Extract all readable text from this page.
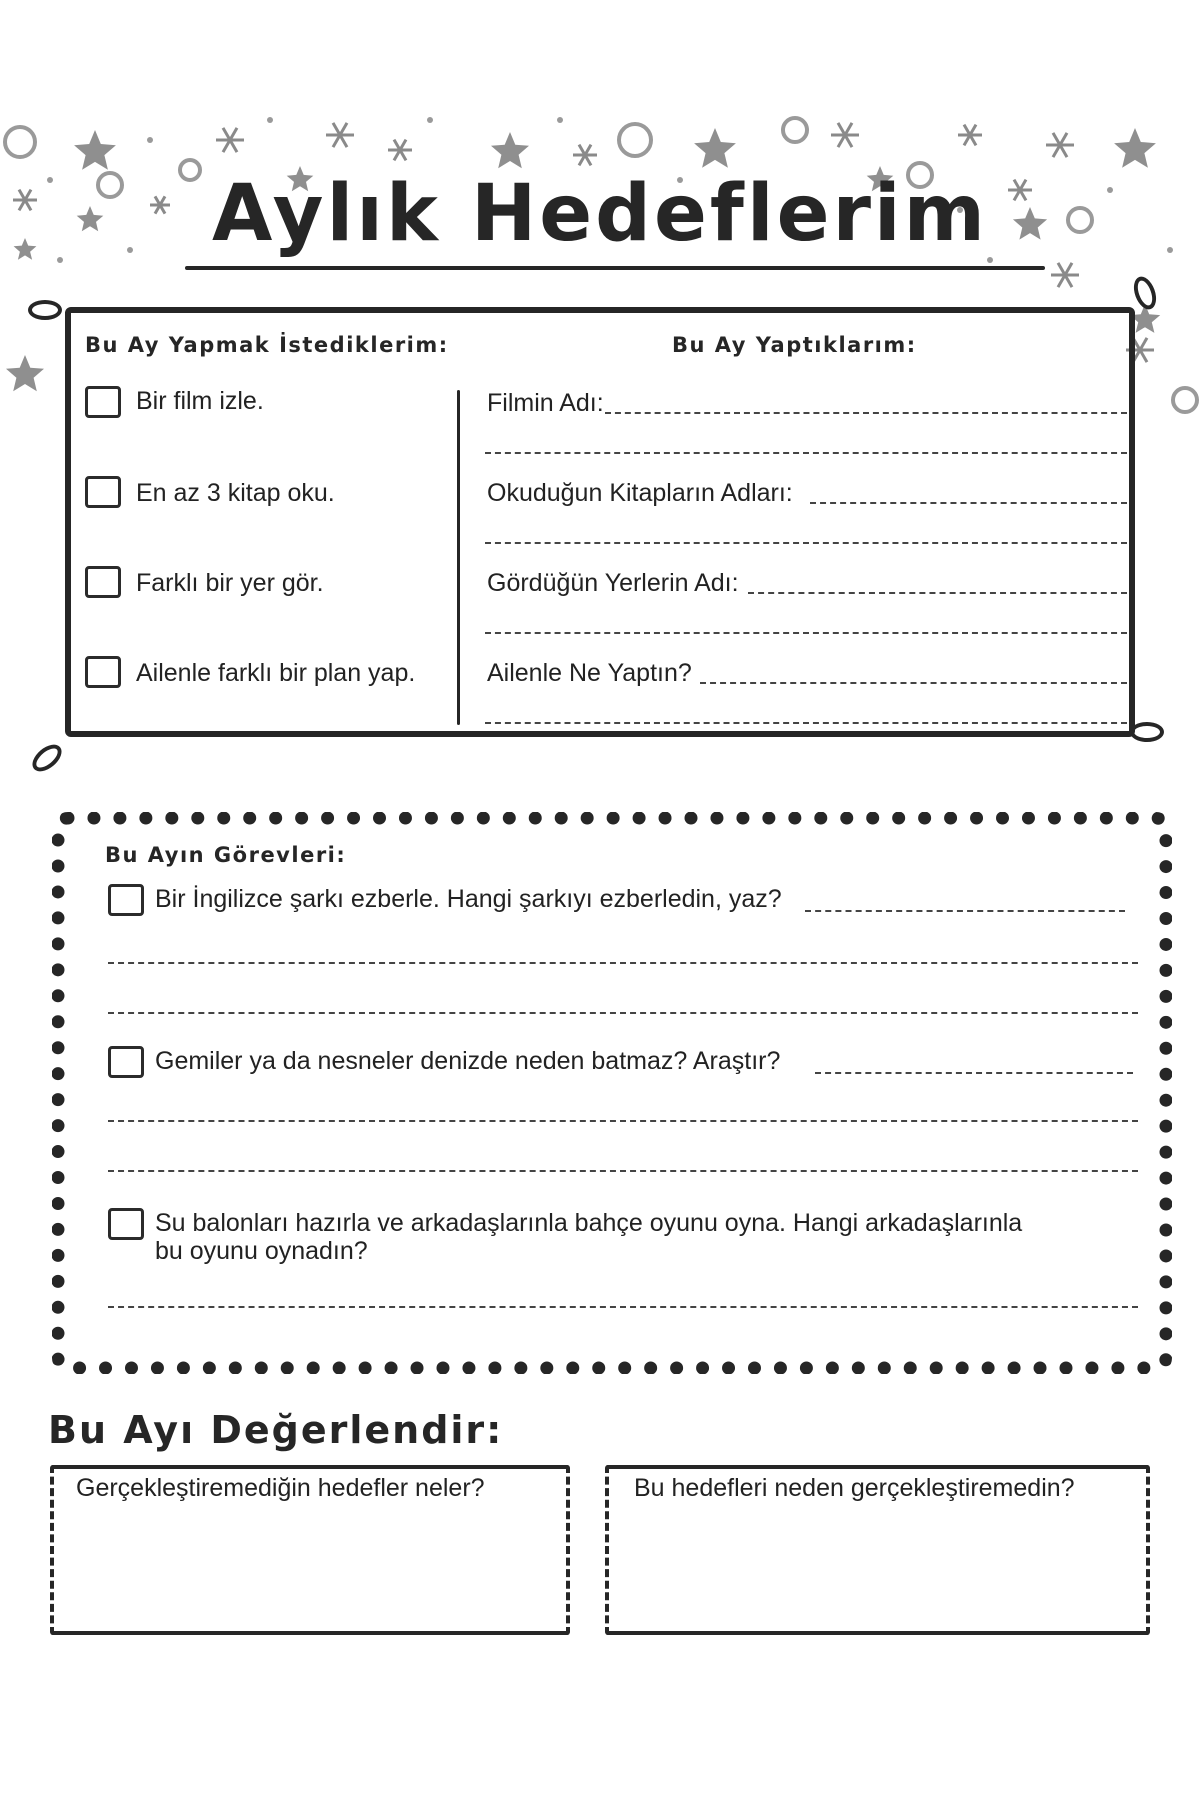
Aylık Hedeflerim
Bu Ay Yapmak İstediklerim:	Bu Ay Yaptıklarım:
Bir film izle.
En az 3 kitap oku.
Farklı bir yer gör.
Ailenle farklı bir plan yap.
Filmin Adı:
Okuduğun Kitapların Adları:
Gördüğün Yerlerin Adı:
Ailenle Ne Yaptın?
Bu Ayın Görevleri:
Bir İngilizce şarkı ezberle. Hangi şarkıyı ezberledin, yaz?
Gemiler ya da nesneler denizde neden batmaz? Araştır?
Su balonları hazırla ve arkadaşlarınla bahçe oyunu oyna. Hangi arkadaşlarınla
bu oyunu oynadın?
Bu Ayı Değerlendir:
Gerçekleştiremediğin hedefler neler?	Bu hedefleri neden gerçekleştiremedin?
